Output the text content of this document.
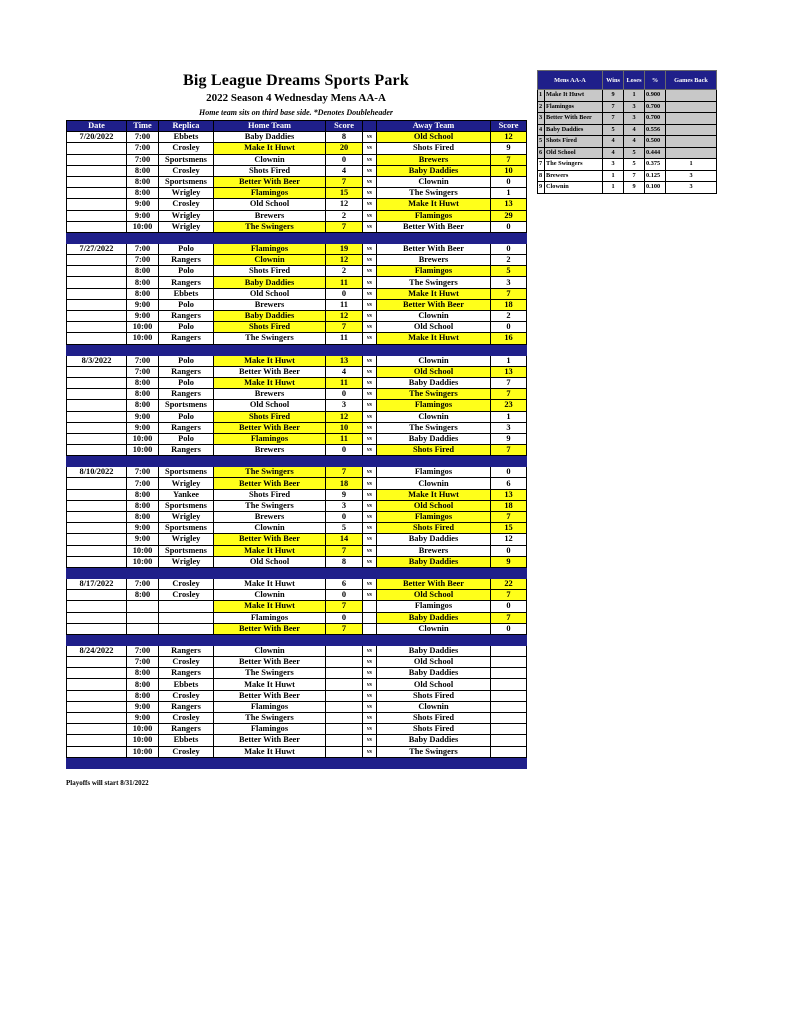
Big League Dreams Sports Park
2022 Season 4 Wednesday Mens AA-A
Home team sits on third base side. *Denotes Doubleheader
Date	Time	Replica	Home Team	Score		Away Team	Score
7/20/2022	7:00	Ebbets	Baby Daddies	8	vs	Old School	12
	7:00	Crosley	Make It Huwt	20	vs	Shots Fired	9
	7:00	Sportsmens	Clownin	0	vs	Brewers	7
	8:00	Crosley	Shots Fired	4	vs	Baby Daddies	10
	8:00	Sportsmens	Better With Beer	7	vs	Clownin	0
	8:00	Wrigley	Flamingos	15	vs	The Swingers	1
	9:00	Crosley	Old School	12	vs	Make It Huwt	13
	9:00	Wrigley	Brewers	2	vs	Flamingos	29
	10:00	Wrigley	The Swingers	7	vs	Better With Beer	0

7/27/2022	7:00	Polo	Flamingos	19	vs	Better With Beer	0
	7:00	Rangers	Clownin	12	vs	Brewers	2
	8:00	Polo	Shots Fired	2	vs	Flamingos	5
	8:00	Rangers	Baby Daddies	11	vs	The Swingers	3
	8:00	Ebbets	Old School	0	vs	Make It Huwt	7
	9:00	Polo	Brewers	11	vs	Better With Beer	18
	9:00	Rangers	Baby Daddies	12	vs	Clownin	2
	10:00	Polo	Shots Fired	7	vs	Old School	0
	10:00	Rangers	The Swingers	11	vs	Make It Huwt	16

8/3/2022	7:00	Polo	Make It Huwt	13	vs	Clownin	1
	7:00	Rangers	Better With Beer	4	vs	Old School	13
	8:00	Polo	Make It Huwt	11	vs	Baby Daddies	7
	8:00	Rangers	Brewers	0	vs	The Swingers	7
	8:00	Sportsmens	Old School	3	vs	Flamingos	23
	9:00	Polo	Shots Fired	12	vs	Clownin	1
	9:00	Rangers	Better With Beer	10	vs	The Swingers	3
	10:00	Polo	Flamingos	11	vs	Baby Daddies	9
	10:00	Rangers	Brewers	0	vs	Shots Fired	7

8/10/2022	7:00	Sportsmens	The Swingers	7	vs	Flamingos	0
	7:00	Wrigley	Better With Beer	18	vs	Clownin	6
	8:00	Yankee	Shots Fired	9	vs	Make It Huwt	13
	8:00	Sportsmens	The Swingers	3	vs	Old School	18
	8:00	Wrigley	Brewers	0	vs	Flamingos	7
	9:00	Sportsmens	Clownin	5	vs	Shots Fired	15
	9:00	Wrigley	Better With Beer	14	vs	Baby Daddies	12
	10:00	Sportsmens	Make It Huwt	7	vs	Brewers	0
	10:00	Wrigley	Old School	8	vs	Baby Daddies	9

8/17/2022	7:00	Crosley	Make It Huwt	6	vs	Better With Beer	22
	8:00	Crosley	Clownin	0	vs	Old School	7
			Make It Huwt	7		Flamingos	0
			Flamingos	0		Baby Daddies	7
			Better With Beer	7		Clownin	0

8/24/2022	7:00	Rangers	Clownin		vs	Baby Daddies	
	7:00	Crosley	Better With Beer		vs	Old School	
	8:00	Rangers	The Swingers		vs	Baby Daddies	
	8:00	Ebbets	Make It Huwt		vs	Old School	
	8:00	Crosley	Better With Beer		vs	Shots Fired	
	9:00	Rangers	Flamingos		vs	Clownin	
	9:00	Crosley	The Swingers		vs	Shots Fired	
	10:00	Rangers	Flamingos		vs	Shots Fired	
	10:00	Ebbets	Better With Beer		vs	Baby Daddies	
	10:00	Crosley	Make It Huwt		vs	The Swingers	

Mens AA-A		Wins	Loses	%	Games Back
1	Make It Huwt	9	1	0.900	
2	Flamingos	7	3	0.700	
3	Better With Beer	7	3	0.700	
4	Baby Daddies	5	4	0.556	
5	Shots Fired	4	4	0.500	
6	Old School	4	5	0.444	
7	The Swingers	3	5	0.375	1
8	Brewers	1	7	0.125	3
9	Clownin	1	9	0.100	3
Playoffs will start 8/31/2022
